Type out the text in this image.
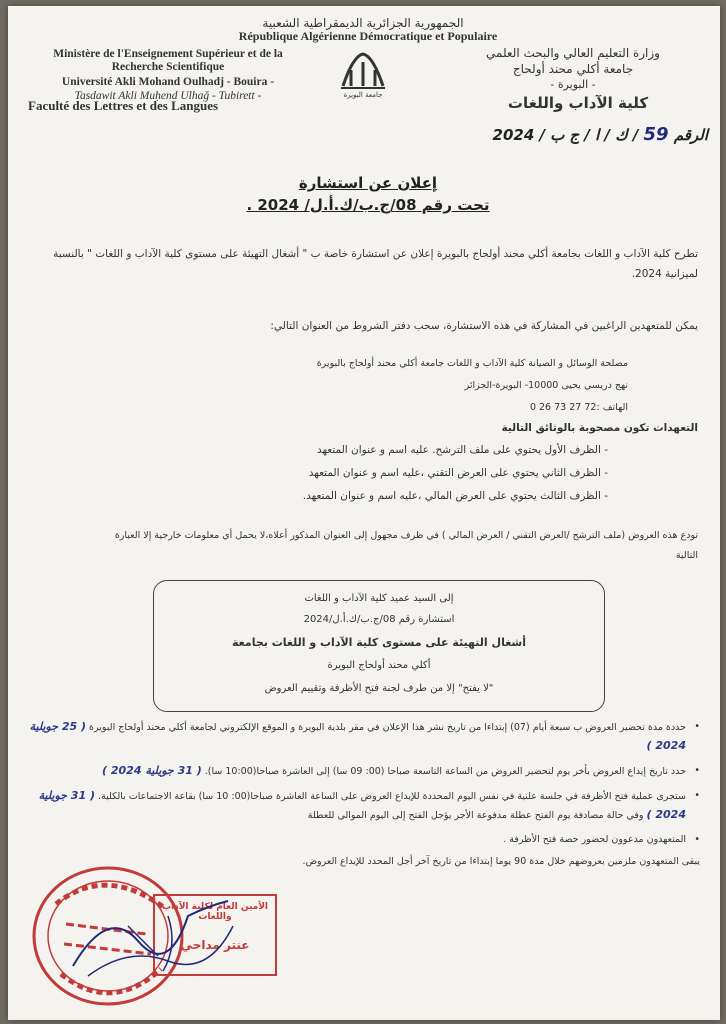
الجمهورية الجزائرية الديمقراطية الشعبية
République Algérienne Démocratique et Populaire
Ministère de l'Enseignement Supérieur et de la Recherche Scientifique
Université Akli Mohand Oulhadj - Bouira -
Tasdawit Akli Muḥend Ulhağ - Tubirett -
Faculté des Lettres et des Langues
جامعة البويرة
وزارة التعليم العالي والبحث العلمي
جامعة أكلي محند أولحاج
- البويرة -
كلية الآداب واللغات
الرقم 59 / ك / ا / ج ب / 2024
إعلان عن استشارة
تحت رقم 08/ج.ب/ك.أ.ل/ 2024 .
تطرح كلية الآداب و اللغات بجامعة أكلي محند أولحاج بالبويرة إعلان عن استشارة خاصة ب " أشغال التهيئة على مستوى كلية الآداب و اللغات " بالنسبة لميزانية 2024.
يمكن للمتعهدين الراغبين في المشاركة في هذه الاستشارة، سحب دفتر الشروط من العنوان التالي:
مصلحة الوسائل و الصيانة كلية الآداب و اللغات جامعة أكلي محند أولحاج بالبويرة
نهج دريسي يحيى 10000- البويرة-الجزائر
الهاتف :72 27 73 26 0
التعهدات تكون مصحوبة بالوثائق التالية
- الظرف الأول يحتوي على ملف الترشح. عليه اسم و عنوان المتعهد
- الظرف الثاني يحتوي على العرض التقني ،عليه اسم و عنوان المتعهد
- الظرف الثالث يحتوي على العرض المالي ،عليه اسم و عنوان المتعهد.
تودع هذه العروض (ملف الترشح /العرض التقني / العرض المالي ) في ظرف مجهول إلى العنوان المذكور أعلاه،لا يحمل أي معلومات خارجية إلا العبارة التالية
إلى السيد عميد كلية الآداب و اللغات
استشارة رقم 08/ج.ب/ك.أ.ل/2024
أشغال التهيئة على مستوى كلية الآداب و اللغات بجامعة
أكلي محند أولحاج البويرة
"لا يفتح" إلا من طرف لجنة فتح الأظرفة وتقييم العروض
•
حددة مدة تحضير العروض ب سبعة أيام (07) إبتداءا من تاريخ نشر هذا الإعلان في مقر بلدية البويرة و الموقع الإلكتروني لجامعة أكلي محند أولحاج البويرة ( 25 جويلية 2024 )
•
حدد تاريخ إيداع العروض بأخر يوم لتحضير العروض من الساعة التاسعة صباحا (00: 09 سا) إلى العاشرة صباحا(10:00 سا). ( 31 جويلية 2024 )
•
ستجرى عملية فتح الأظرفة في جلسة علنية في نفس اليوم المحددة للإيداع العروض على الساعة العاشرة صباحا(00: 10 سا) بقاعة الاجتماعات بالكلية. ( 31 جويلية 2024 ) وفي حالة مصادفة يوم الفتح عطلة مدفوعة الأجر يؤجل الفتح إلى اليوم الموالي للعطلة
•
المتعهدون مدعوون لحضور حصة فتح الأظرفة .
يبقى المتعهدون ملزمين بعروضهم خلال مدة 90 يوما إبتداءا من تاريخ آخر أجل المحدد للإيداع العروض.
الأمين العام لكلية الآداب واللغات
عنتر مداحي
